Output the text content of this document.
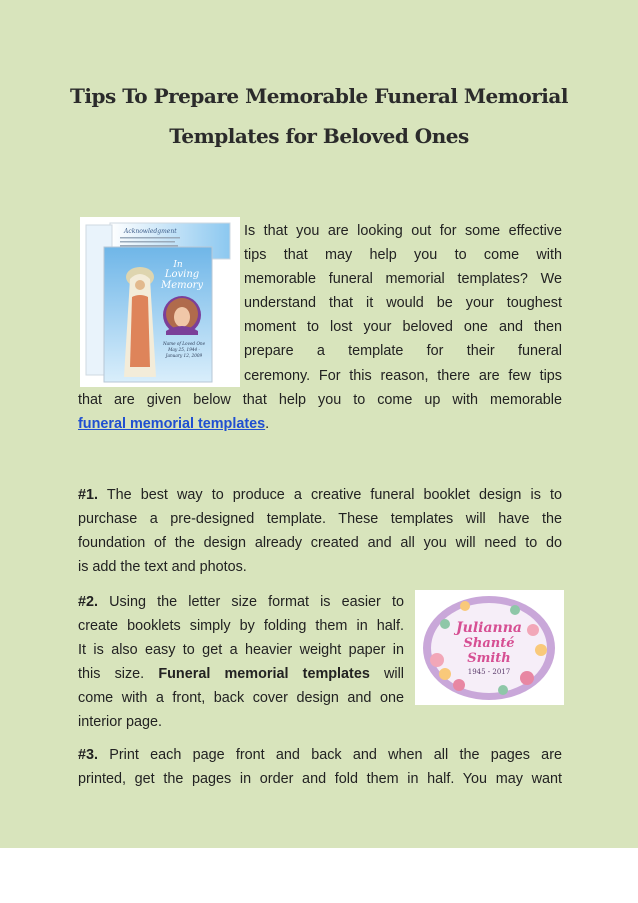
Tips To Prepare Memorable Funeral Memorial
Templates for Beloved Ones
Acknowledgment
In
Loving
Memory
Name of Loved One
May 25, 1944 -
January 12, 2009
Is that you are looking out for some effective
tips that may help you to come with
memorable funeral memorial templates? We
understand that it would be your toughest
moment to lost your beloved one and then
prepare a template for their funeral
ceremony. For this reason, there are few tips
that are given below that help you to come up with memorable
funeral memorial templates.
#1. The best way to produce a creative funeral booklet design is to
purchase a pre-designed template. These templates will have the
foundation of the design already created and all you will need to do
is add the text and photos.
Julianna
Shanté
Smith
1945 - 2017
#2. Using the letter size format is easier to
create booklets simply by folding them in half.
It is also easy to get a heavier weight paper in
this size. Funeral memorial templates will
come with a front, back cover design and one
interior page.
#3. Print each page front and back and when all the pages are
printed, get the pages in order and fold them in half. You may want
